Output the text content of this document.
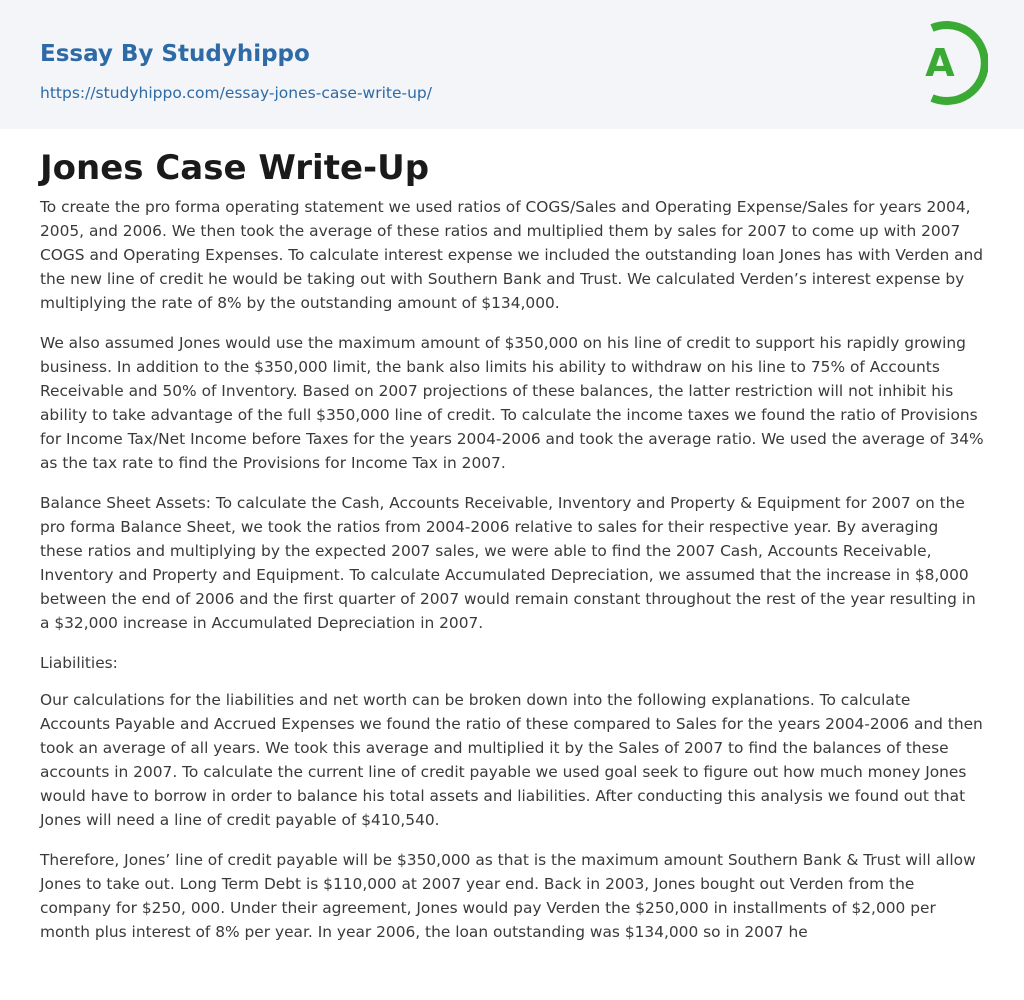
Essay By Studyhippo
https://studyhippo.com/essay-jones-case-write-up/
A
Jones Case Write-Up

To create the pro forma operating statement we used ratios of COGS/Sales and Operating Expense/Sales for years 2004, 2005, and 2006. We then took the average of these ratios and multiplied them by sales for 2007 to come up with 2007 COGS and Operating Expenses. To calculate interest expense we included the outstanding loan Jones has with Verden and the new line of credit he would be taking out with Southern Bank and Trust. We calculated Verden’s interest expense by multiplying the rate of 8% by the outstanding amount of $134,000.

We also assumed Jones would use the maximum amount of $350,000 on his line of credit to support his rapidly growing business. In addition to the $350,000 limit, the bank also limits his ability to withdraw on his line to 75% of Accounts Receivable and 50% of Inventory. Based on 2007 projections of these balances, the latter restriction will not inhibit his ability to take advantage of the full $350,000 line of credit. To calculate the income taxes we found the ratio of Provisions for Income Tax/Net Income before Taxes for the years 2004-2006 and took the average ratio. We used the average of 34% as the tax rate to find the Provisions for Income Tax in 2007.

Balance Sheet Assets: To calculate the Cash, Accounts Receivable, Inventory and Property & Equipment for 2007 on the pro forma Balance Sheet, we took the ratios from 2004-2006 relative to sales for their respective year. By averaging these ratios and multiplying by the expected 2007 sales, we were able to find the 2007 Cash, Accounts Receivable, Inventory and Property and Equipment. To calculate Accumulated Depreciation, we assumed that the increase in $8,000 between the end of 2006 and the first quarter of 2007 would remain constant throughout the rest of the year resulting in a $32,000 increase in Accumulated Depreciation in 2007.

Liabilities:

Our calculations for the liabilities and net worth can be broken down into the following explanations. To calculate Accounts Payable and Accrued Expenses we found the ratio of these compared to Sales for the years 2004-2006 and then took an average of all years. We took this average and multiplied it by the Sales of 2007 to find the balances of these accounts in 2007. To calculate the current line of credit payable we used goal seek to figure out how much money Jones would have to borrow in order to balance his total assets and liabilities. After conducting this analysis we found out that Jones will need a line of credit payable of $410,540.

Therefore, Jones’ line of credit payable will be $350,000 as that is the maximum amount Southern Bank & Trust will allow Jones to take out. Long Term Debt is $110,000 at 2007 year end. Back in 2003, Jones bought out Verden from the company for $250, 000. Under their agreement, Jones would pay Verden the $250,000 in installments of $2,000 per month plus interest of 8% per year. In year 2006, the loan outstanding was $134,000 so in 2007 he
